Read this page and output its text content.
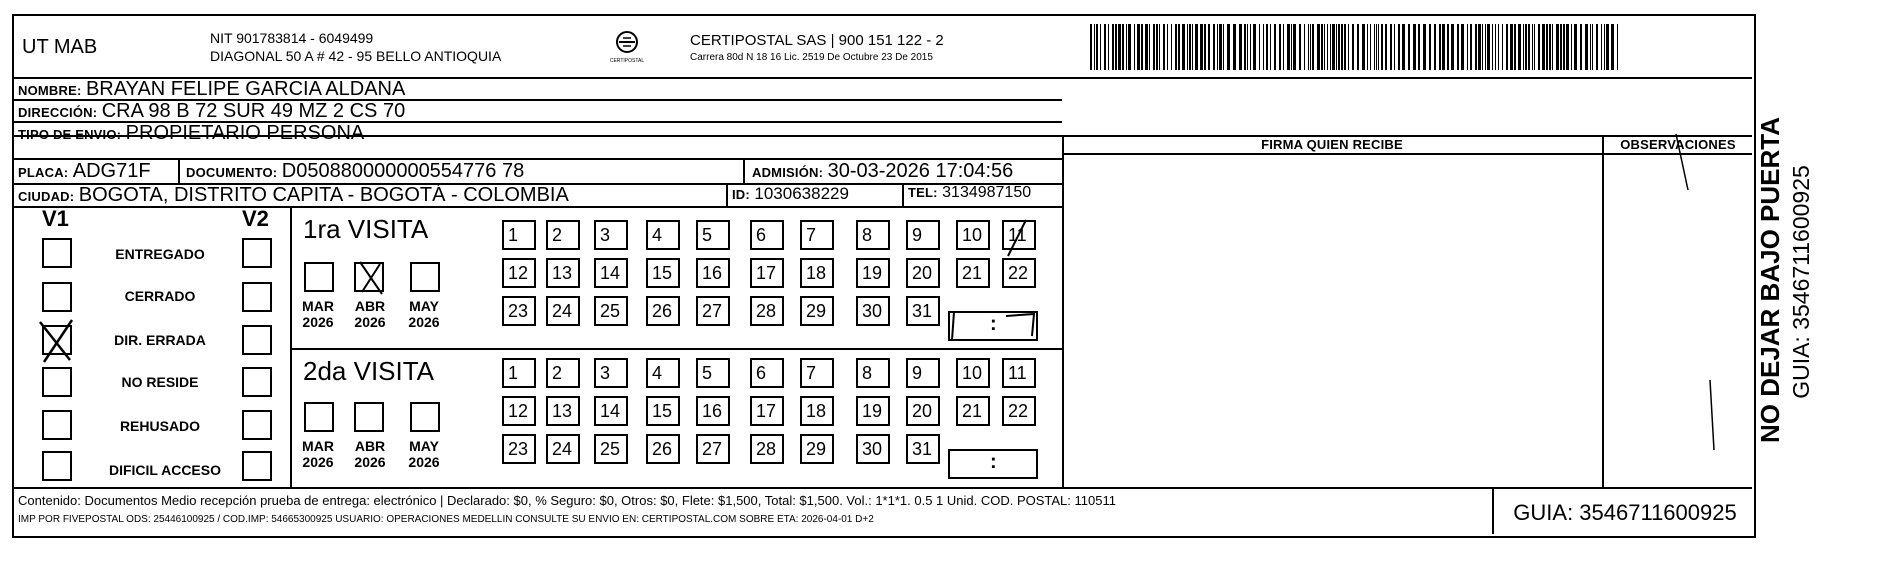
UT MAB	NIT 901783814 - 6049499
DIAGONAL 50 A # 42 - 95 BELLO ANTIOQUIA	CERTIPOSTAL
CERTIPOSTAL SAS | 900 151 122 - 2
Carrera 80d N 18 16 Lic. 2519 De Octubre 23 De 2015
NOMBRE: BRAYAN FELIPE GARCIA ALDANA
DIRECCIÓN: CRA 98 B 72 SUR 49 MZ 2 CS 70
TIPO DE ENVIO: PROPIETARIO PERSONA
PLACA: ADG71F	DOCUMENTO: D050880000000554776 78	ADMISIÓN: 30-03-2026 17:04:56
CIUDAD: BOGOTA, DISTRITO CAPITA - BOGOTÁ - COLOMBIA	ID: 1030638229	TEL: 3134987150
FIRMA QUIEN RECIBE	OBSERVACIONES
V1	V2
ENTREGADO
CERRADO
DIR. ERRADA
NO RESIDE
REHUSADO
DIFICIL ACCESO
1ra VISITA
MAR
2026
ABR
2026
MAY
2026
1	2	3	4	5	6	7	8	9	10	11
12	13	14	15	16	17	18	19	20	21	22
23	24	25	26	27	28	29	30	31
:
2da VISITA
MAR
2026
ABR
2026
MAY
2026
1	2	3	4	5	6	7	8	9	10	11
12	13	14	15	16	17	18	19	20	21	22
23	24	25	26	27	28	29	30	31
:
Contenido: Documentos Medio recepción prueba de entrega: electrónico | Declarado: $0, % Seguro: $0, Otros: $0, Flete: $1,500, Total: $1,500. Vol.: 1*1*1. 0.5 1 Unid. COD. POSTAL: 110511
IMP POR FIVEPOSTAL ODS: 25446100925 / COD.IMP: 54665300925 USUARIO: OPERACIONES MEDELLIN CONSULTE SU ENVIO EN: CERTIPOSTAL.COM SOBRE ETA: 2026-04-01 D+2	GUIA: 3546711600925
NO DEJAR BAJO PUERTA GUIA: 3546711600925
